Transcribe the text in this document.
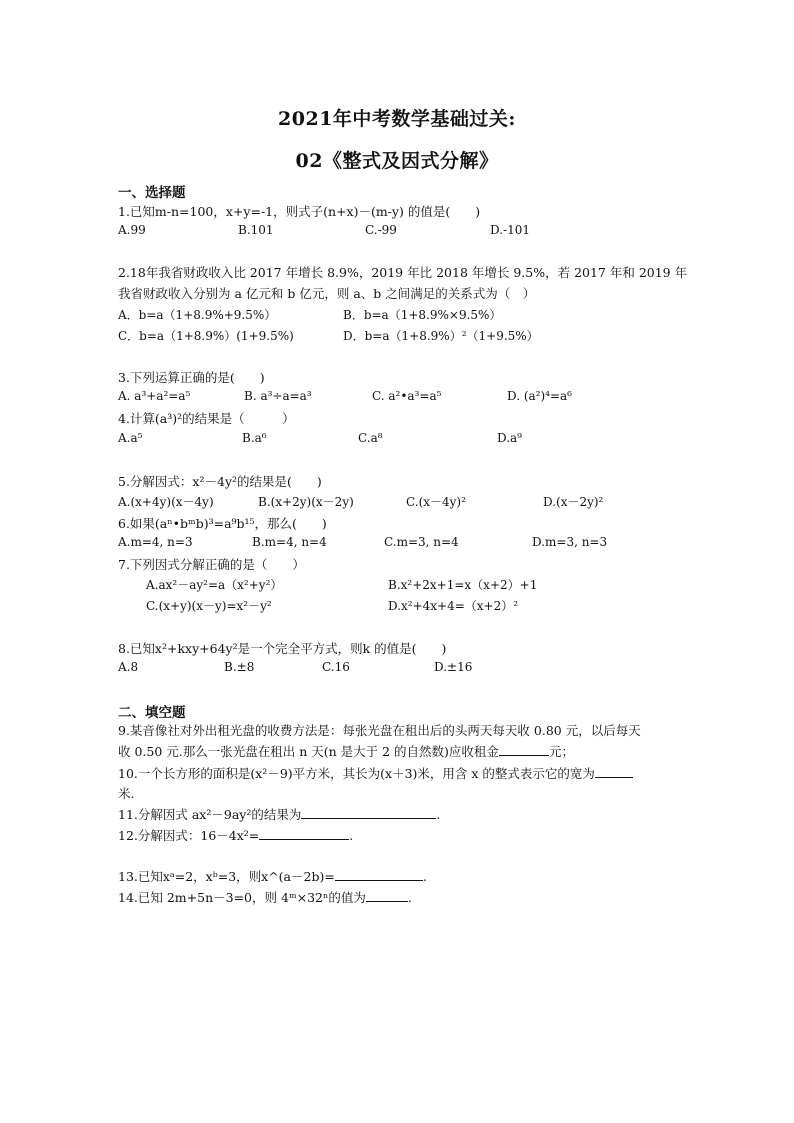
2021年中考数学基础过关:
02《整式及因式分解》
一、选择题
1.已知m-n=100，x+y=-1，则式子(n+x)－(m-y) 的值是(　　)
A.99	B.101	C.-99	D.-101
2.18年我省财政收入比 2017 年增长 8.9%，2019 年比 2018 年增长 9.5%，若 2017 年和 2019 年
我省财政收入分别为 a 亿元和 b 亿元，则 a、b 之间满足的关系式为（　）
A．b=a（1+8.9%+9.5%）	B．b=a（1+8.9%×9.5%）
C．b=a（1+8.9%）(1+9.5%)	D．b=a（1+8.9%）²（1+9.5%）
3.下列运算正确的是(　　)
A. a³+a²=a⁵	B. a³÷a=a³	C. a²•a³=a⁵	D. (a²)⁴=a⁶
4.计算(a³)²的结果是（　　　）
A.a⁵	B.a⁶	C.a⁸	D.a⁹
5.分解因式：x²－4y²的结果是(　　)
A.(x+4y)(x－4y)	B.(x+2y)(x－2y)	C.(x－4y)²	D.(x－2y)²
6.如果(aⁿ•bᵐb)³=a⁹b¹⁵，那么(　　)
A.m=4, n=3	B.m=4, n=4	C.m=3, n=4	D.m=3, n=3
7.下列因式分解正确的是（　　）
A.ax²－ay²=a（x²+y²）	B.x²+2x+1=x（x+2）+1
C.(x+y)(x－y)=x²－y²	D.x²+4x+4=（x+2）²
8.已知x²+kxy+64y²是一个完全平方式，则k 的值是(　　)
A.8	B.±8	C.16	D.±16
二、填空题
9.某音像社对外出租光盘的收费方法是：每张光盘在租出后的头两天每天收 0.80 元，以后每天
收 0.50 元.那么一张光盘在租出 n 天(n 是大于 2 的自然数)应收租金	元；
10.一个长方形的面积是(x²－9)平方米，其长为(x＋3)米，用含 x 的整式表示它的宽为
米.
11.分解因式 ax²－9ay²的结果为	.
12.分解因式：16－4x²=	.
13.已知xᵃ=2，xᵇ=3，则x^(a－2b)=	.
14.已知 2m+5n－3=0，则 4ᵐ×32ⁿ的值为	.
